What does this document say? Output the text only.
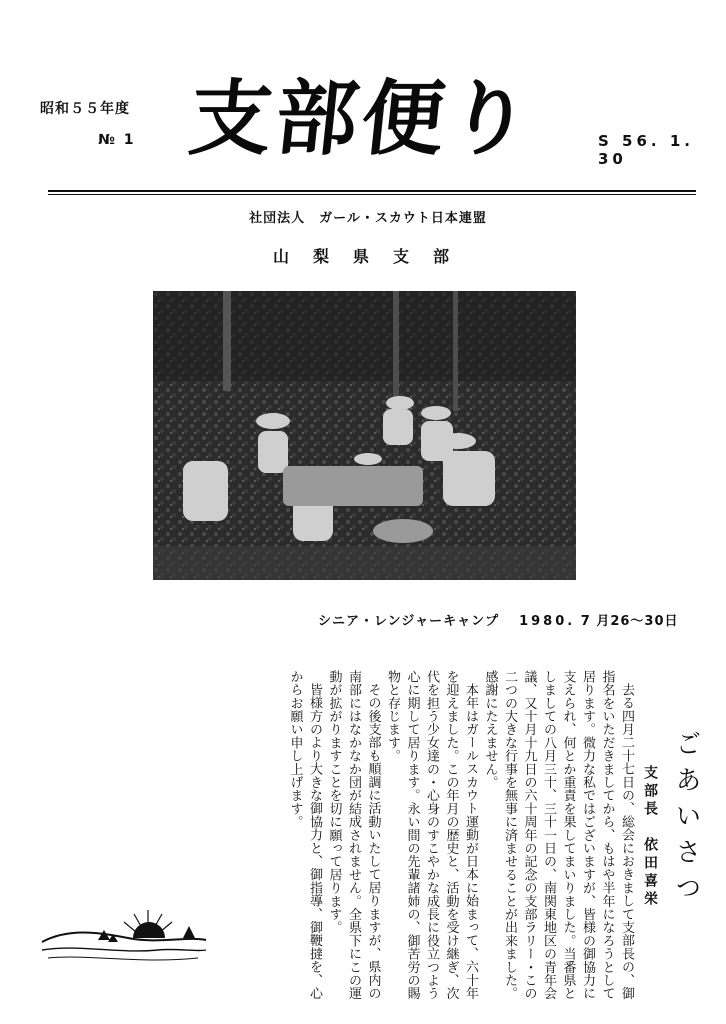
昭和５５年度
№ 1 支部便り	S 56. 1. 30
社団法人　ガール・スカウト日本連盟
山梨県支部
シニア・レンジャーキャンプ 1980. 7 月26〜30日
ごあいさつ
支部長依田喜栄

去る四月二十七日の、総会におきまして支部長の、御指名をいただきましてから、もはや半年になろうとして居ります。微力な私ではございますが、皆様の御協力に支えられ、何とか重責を果してまいりました。当番県としましての八月三十、三十一日の、南関東地区の青年会議、又十月十九日の六十周年の記念の支部ラリー・この二つの大きな行事を無事に済ませることが出来ました。感謝にたえません。

本年はガールスカウト運動が日本に始まって、六十年を迎えました。この年月の歴史と、活動を受け継ぎ、次代を担う少女達の・心身のすこやかな成長に役立つよう心に期して居ります。永い間の先輩諸姉の、御苦労の賜物と存じます。

その後支部も順調に活動いたして居りますが、県内の南部にはなかなか団が結成されません。全県下にこの運動が拡がりますことを切に願って居ります。

皆様方のより大きな御協力と、御指導、御鞭撻を、心からお願い申し上げます。
